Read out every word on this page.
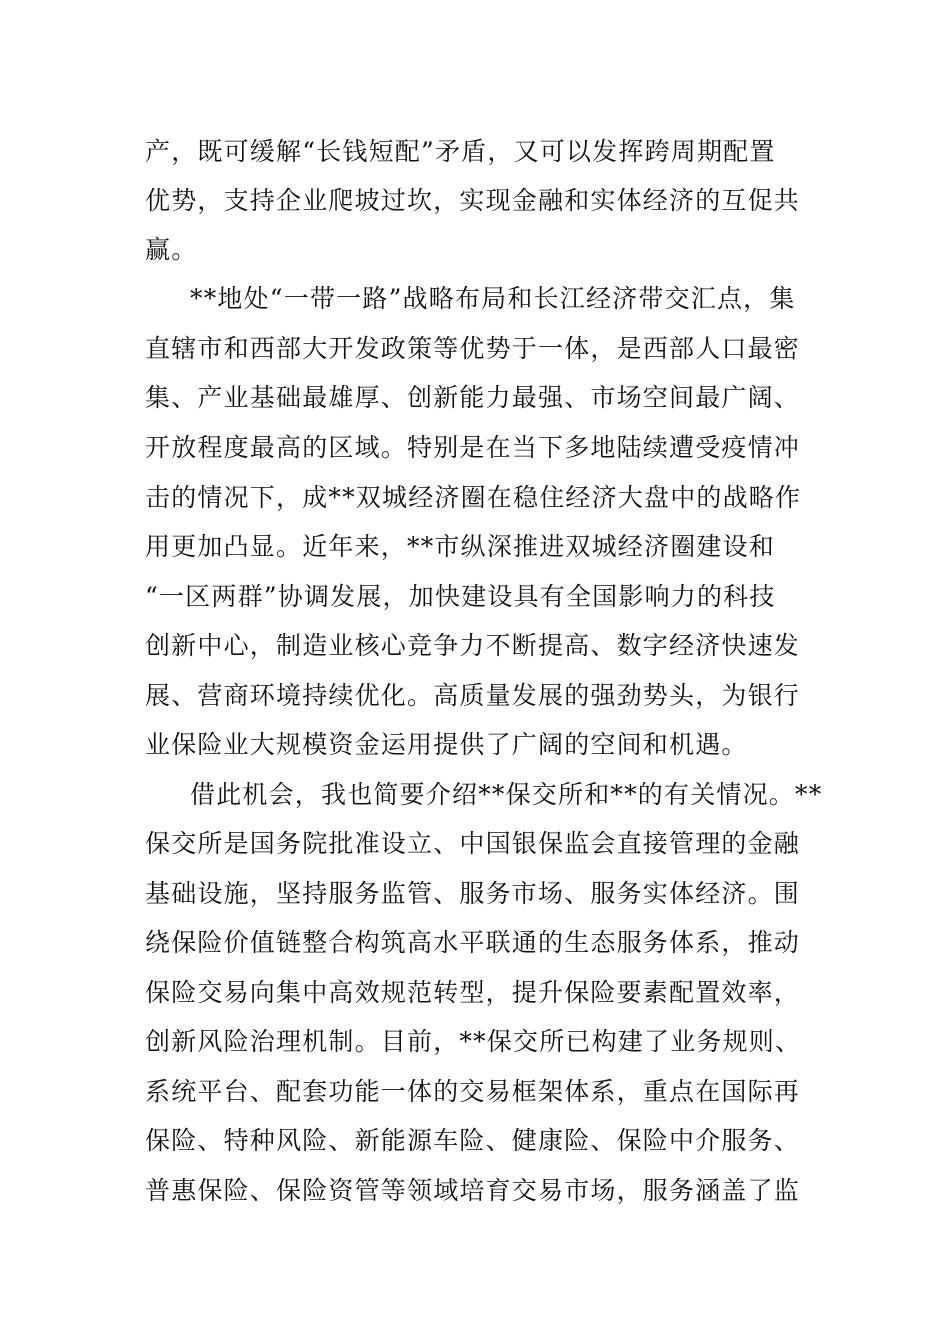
产，既可缓解“长钱短配”矛盾，又可以发挥跨周期配置
优势，支持企业爬坡过坎，实现金融和实体经济的互促共
赢。
**地处“一带一路”战略布局和长江经济带交汇点，集
直辖市和西部大开发政策等优势于一体，是西部人口最密
集、产业基础最雄厚、创新能力最强、市场空间最广阔、
开放程度最高的区域。特别是在当下多地陆续遭受疫情冲
击的情况下，成**双城经济圈在稳住经济大盘中的战略作
用更加凸显。近年来，**市纵深推进双城经济圈建设和
“一区两群”协调发展，加快建设具有全国影响力的科技
创新中心，制造业核心竞争力不断提高、数字经济快速发
展、营商环境持续优化。高质量发展的强劲势头，为银行
业保险业大规模资金运用提供了广阔的空间和机遇。
借此机会，我也简要介绍**保交所和**的有关情况。**
保交所是国务院批准设立、中国银保监会直接管理的金融
基础设施，坚持服务监管、服务市场、服务实体经济。围
绕保险价值链整合构筑高水平联通的生态服务体系，推动
保险交易向集中高效规范转型，提升保险要素配置效率，
创新风险治理机制。目前，**保交所已构建了业务规则、
系统平台、配套功能一体的交易框架体系，重点在国际再
保险、特种风险、新能源车险、健康险、保险中介服务、
普惠保险、保险资管等领域培育交易市场，服务涵盖了监
